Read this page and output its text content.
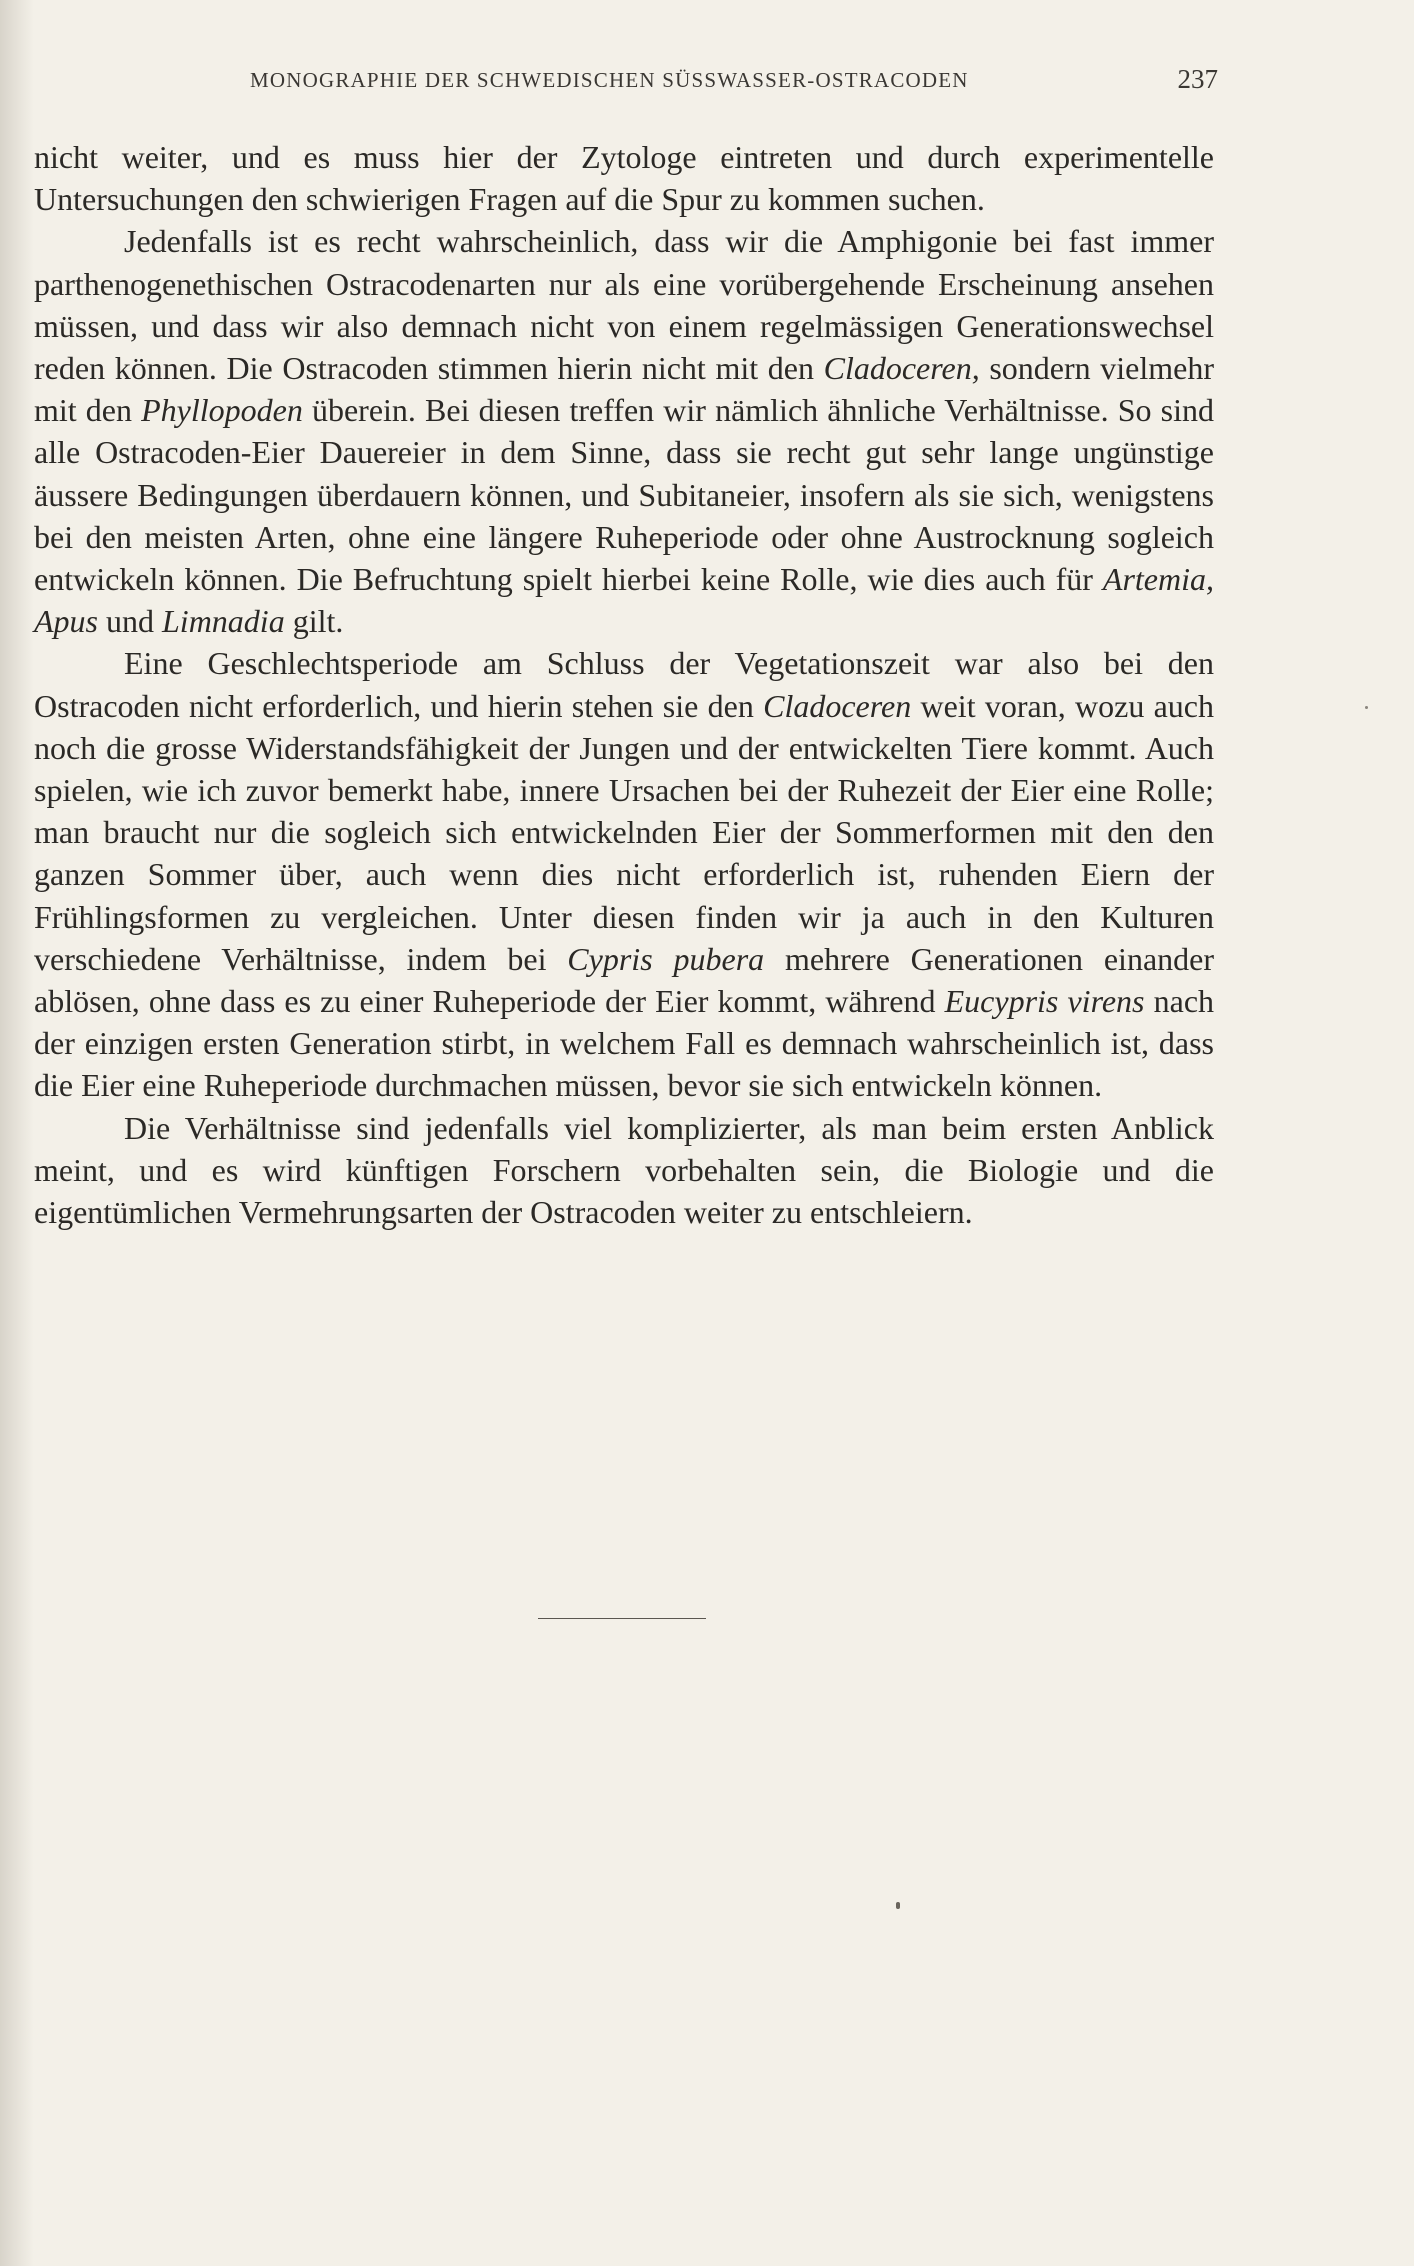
MONOGRAPHIE DER SCHWEDISCHEN SÜSSWASSER-OSTRACODEN	237

nicht weiter, und es muss hier der Zytologe eintreten und durch experimentelle Untersuchungen den schwierigen Fragen auf die Spur zu kommen suchen.

Jedenfalls ist es recht wahrscheinlich, dass wir die Amphigonie bei fast immer parthenogenethischen Ostracodenarten nur als eine vorübergehende Erscheinung ansehen müssen, und dass wir also demnach nicht von einem regelmässigen Generationswechsel reden können. Die Ostracoden stimmen hierin nicht mit den Cladoceren, sondern vielmehr mit den Phyllopoden überein. Bei diesen treffen wir nämlich ähnliche Verhältnisse. So sind alle Ostracoden-Eier Dauereier in dem Sinne, dass sie recht gut sehr lange ungünstige äussere Bedingungen überdauern können, und Subitaneier, insofern als sie sich, wenigstens bei den meisten Arten, ohne eine längere Ruheperiode oder ohne Austrocknung sogleich entwickeln können. Die Befruchtung spielt hierbei keine Rolle, wie dies auch für Artemia, Apus und Limnadia gilt.

Eine Geschlechtsperiode am Schluss der Vegetationszeit war also bei den Ostracoden nicht erforderlich, und hierin stehen sie den Cladoceren weit voran, wozu auch noch die grosse Widerstandsfähigkeit der Jungen und der entwickelten Tiere kommt. Auch spielen, wie ich zuvor bemerkt habe, innere Ursachen bei der Ruhezeit der Eier eine Rolle; man braucht nur die sogleich sich entwickelnden Eier der Sommerformen mit den den ganzen Sommer über, auch wenn dies nicht erforderlich ist, ruhenden Eiern der Frühlingsformen zu vergleichen. Unter diesen finden wir ja auch in den Kulturen verschiedene Verhältnisse, indem bei Cypris pubera mehrere Generationen einander ablösen, ohne dass es zu einer Ruheperiode der Eier kommt, während Eucypris virens nach der einzigen ersten Generation stirbt, in welchem Fall es demnach wahrscheinlich ist, dass die Eier eine Ruheperiode durchmachen müssen, bevor sie sich entwickeln können.

Die Verhältnisse sind jedenfalls viel komplizierter, als man beim ersten Anblick meint, und es wird künftigen Forschern vorbehalten sein, die Biologie und die eigentümlichen Vermehrungsarten der Ostracoden weiter zu entschleiern.
